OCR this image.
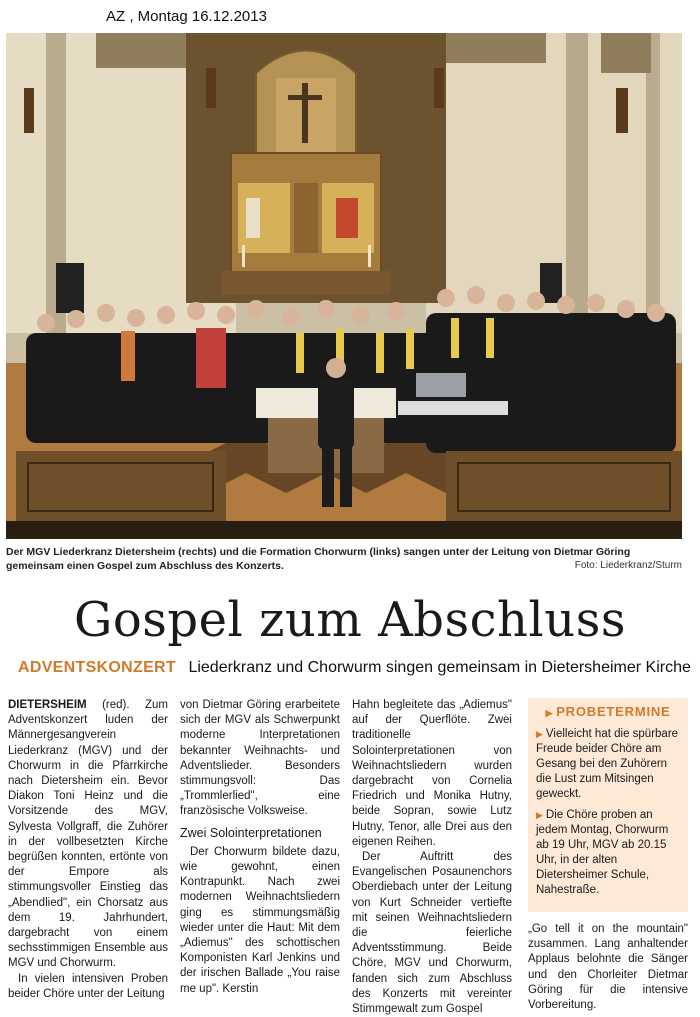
AZ , Montag 16.12.2013
Der MGV Liederkranz Dietersheim (rechts) und die Formation Chorwurm (links) sangen unter der Leitung von Dietmar Göring gemeinsam einen Gospel zum Abschluss des Konzerts.	Foto: Liederkranz/Sturm
Gospel zum Abschluss
ADVENTSKONZERT Liederkranz und Chorwurm singen gemeinsam in Dietersheimer Kirche

DIETERSHEIM (red). Zum Adventskonzert luden der Männergesangverein Liederkranz (MGV) und der Chorwurm in die Pfarrkirche nach Dietersheim ein. Bevor Diakon Toni Heinz und die Vorsitzende des MGV, Sylvesta Vollgraff, die Zuhörer in der vollbesetzten Kirche begrüßen konnten, ertönte von der Empore als stimmungsvoller Einstieg das „Abendlied", ein Chorsatz aus dem 19. Jahrhundert, dargebracht von einem sechsstimmigen Ensemble aus MGV und Chorwurm.

In vielen intensiven Proben beider Chöre unter der Leitung

von Dietmar Göring erarbeitete sich der MGV als Schwerpunkt moderne Interpretationen bekannter Weihnachts- und Adventslieder. Besonders stimmungsvoll: Das „Trommlerlied", eine französische Volksweise.

Zwei Solointerpretationen

Der Chorwurm bildete dazu, wie gewohnt, einen Kontrapunkt. Nach zwei modernen Weihnachtsliedern ging es stimmungsmäßig wieder unter die Haut: Mit dem „Adiemus" des schottischen Komponisten Karl Jenkins und der irischen Ballade „You raise me up". Kerstin

Hahn begleitete das „Adiemus" auf der Querflöte. Zwei traditionelle Solointerpretationen von Weihnachtsliedern wurden dargebracht von Cornelia Friedrich und Monika Hutny, beide Sopran, sowie Lutz Hutny, Tenor, alle Drei aus den eigenen Reihen.

Der Auftritt des Evangelischen Posaunenchors Oberdiebach unter der Leitung von Kurt Schneider vertiefte mit seinen Weihnachtsliedern die feierliche Adventsstimmung. Beide Chöre, MGV und Chorwurm, fanden sich zum Abschluss des Konzerts mit vereinter Stimmgewalt zum Gospel

▶ PROBETERMINE

▶ Vielleicht hat die spürbare Freude beider Chöre am Gesang bei den Zuhörern die Lust zum Mitsingen geweckt.

▶ Die Chöre proben an jedem Montag, Chorwurm ab 19 Uhr, MGV ab 20.15 Uhr, in der alten Dietersheimer Schule, Nahestraße.

„Go tell it on the mountain" zusammen. Lang anhaltender Applaus belohnte die Sänger und den Chorleiter Dietmar Göring für die intensive Vorbereitung.
